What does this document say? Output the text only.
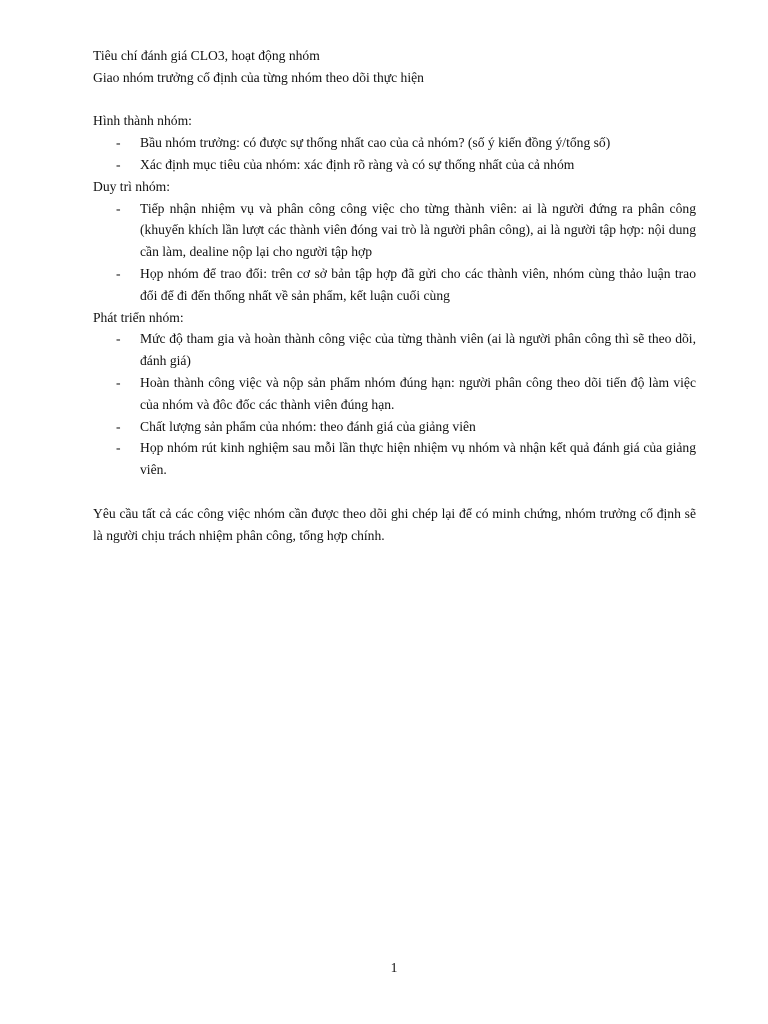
Tiêu chí đánh giá CLO3, hoạt động nhóm

Giao nhóm trưởng cố định của từng nhóm theo dõi thực hiện

Hình thành nhóm:

- Bầu nhóm trưởng: có được sự thống nhất cao của cả nhóm? (số ý kiến đồng ý/tổng số)
- Xác định mục tiêu của nhóm: xác định rõ ràng và có sự thống nhất của cả nhóm

Duy trì nhóm:

- Tiếp nhận nhiệm vụ và phân công công việc cho từng thành viên: ai là người đứng ra phân công (khuyến khích lần lượt các thành viên đóng vai trò là người phân công), ai là người tập hợp: nội dung cần làm, dealine nộp lại cho người tập hợp
- Họp nhóm để trao đổi: trên cơ sở bản tập hợp đã gửi cho các thành viên, nhóm cùng thảo luận trao đổi để đi đến thống nhất về sản phẩm, kết luận cuối cùng

Phát triển nhóm:

- Mức độ tham gia và hoàn thành công việc của từng thành viên (ai là người phân công thì sẽ theo dõi, đánh giá)
- Hoàn thành công việc và nộp sản phẩm nhóm đúng hạn: người phân công theo dõi tiến độ làm việc của nhóm và đôc đốc các thành viên đúng hạn.
- Chất lượng sản phẩm của nhóm: theo đánh giá của giảng viên
- Họp nhóm rút kinh nghiệm sau mỗi lần thực hiện nhiệm vụ nhóm và nhận kết quả đánh giá của giảng viên.

Yêu cầu tất cả các công việc nhóm cần được theo dõi ghi chép lại để có minh chứng, nhóm trưởng cố định sẽ là người chịu trách nhiệm phân công, tổng hợp chính.

1
